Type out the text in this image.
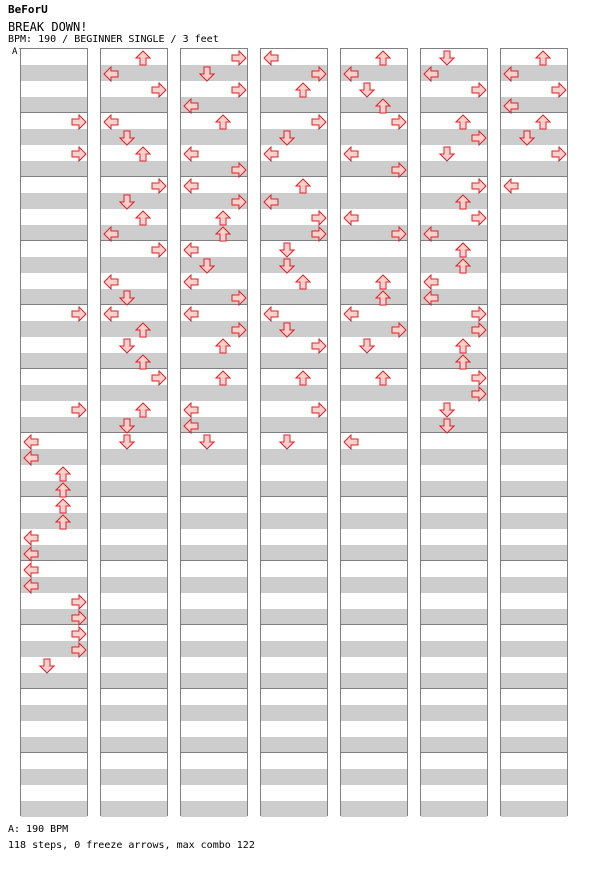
BeForU
BREAK DOWN!
BPM: 190 / BEGINNER SINGLE / 3 feet
A
A: 190 BPM
118 steps, 0 freeze arrows, max combo 122
